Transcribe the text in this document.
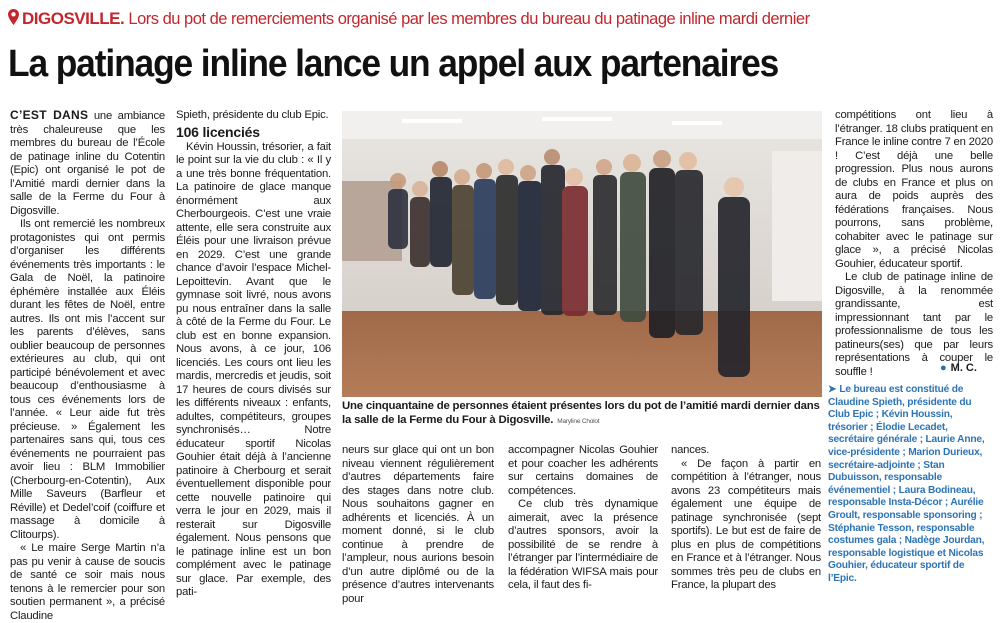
DIGOSVILLE. Lors du pot de remerciements organisé par les membres du bureau du patinage inline mardi dernier
La patinage inline lance un appel aux partenaires

C’EST DANS une ambiance très chaleureuse que les membres du bureau de l’École de patinage inline du Cotentin (Epic) ont organisé le pot de l’Amitié mardi dernier dans la salle de la Ferme du Four à Digosville.

Ils ont remercié les nombreux protagonistes qui ont permis d’organiser les différents événements très importants : le Gala de Noël, la patinoire éphémère installée aux Éléis durant les fêtes de Noël, entre autres. Ils ont mis l’accent sur les parents d’élèves, sans oublier beaucoup de personnes extérieures au club, qui ont participé bénévolement et avec beaucoup d’enthousiasme à tous ces événements lors de l’année. « Leur aide fut très précieuse. » Également les partenaires sans qui, tous ces événements ne pourraient pas avoir lieu : BLM Immobilier (Cherbourg-en-Cotentin), Aux Mille Saveurs (Barfleur et Réville) et Dedel’coif (coiffure et massage à domicile à Clitourps).

« Le maire Serge Martin n’a pas pu venir à cause de soucis de santé ce soir mais nous tenons à le remercier pour son soutien permanent », a précisé Claudine

Spieth, présidente du club Epic.

106 licenciés

Kévin Houssin, trésorier, a fait le point sur la vie du club : « Il y a une très bonne fréquentation. La patinoire de glace manque énormément aux Cherbourgeois. C’est une vraie attente, elle sera construite aux Éléis pour une livraison prévue en 2029. C’est une grande chance d’avoir l’espace Michel-Lepoittevin. Avant que le gymnase soit livré, nous avons pu nous entraîner dans la salle à côté de la Ferme du Four. Le club est en bonne expansion. Nous avons, à ce jour, 106 licenciés. Les cours ont lieu les mardis, mercredis et jeudis, soit 17 heures de cours divisés sur les différents niveaux : enfants, adultes, compétiteurs, groupes synchronisés… Notre éducateur sportif Nicolas Gouhier était déjà à l’ancienne patinoire à Cherbourg et serait éventuellement disponible pour cette nouvelle patinoire qui verra le jour en 2029, mais il resterait sur Digosville également. Nous pensons que le patinage inline est un bon complément avec le patinage sur glace. Par exemple, des pati-

Une cinquantaine de personnes étaient présentes lors du pot de l’amitié mardi dernier dans la salle de la Ferme du Four à Digosville. Maryline Cholot

neurs sur glace qui ont un bon niveau viennent régulièrement d’autres départements faire des stages dans notre club. Nous souhaitons gagner en adhérents et licenciés. À un moment donné, si le club continue à prendre de l’ampleur, nous aurions besoin d’un autre diplômé ou de la présence d’autres intervenants pour

accompagner Nicolas Gouhier et pour coacher les adhérents sur certains domaines de compétences.

Ce club très dynamique aimerait, avec la présence d’autres sponsors, avoir la possibilité de se rendre à l’étranger par l’intermédiaire de la fédération WIFSA mais pour cela, il faut des fi-

nances.

« De façon à partir en compétition à l’étranger, nous avons 23 compétiteurs mais également une équipe de patinage synchronisée (sept sportifs). Le but est de faire de plus en plus de compétitions en France et à l’étranger. Nous sommes très peu de clubs en France, la plupart des

compétitions ont lieu à l’étranger. 18 clubs pratiquent en France le inline contre 7 en 2020 ! C’est déjà une belle progression. Plus nous aurons de clubs en France et plus on aura de poids auprès des fédérations françaises. Nous pourrons, sans problème, cohabiter avec le patinage sur glace », a précisé Nicolas Gouhier, éducateur sportif.

Le club de patinage inline de Digosville, à la renommée grandissante, est impressionnant tant par le professionnalisme de tous les patineurs(ses) que par leurs représentations à couper le souffle !	● M. C.
➤ Le bureau est constitué de Claudine Spieth, présidente du Club Epic ; Kévin Houssin, trésorier ; Élodie Lecadet, secrétaire générale ; Laurie Anne, vice-présidente ; Marion Durieux, secrétaire-adjointe ; Stan Dubuisson, responsable événementiel ; Laura Bodineau, responsable Insta-Décor ; Aurélie Groult, responsable sponsoring ; Stéphanie Tesson, responsable costumes gala ; Nadège Jourdan, responsable logistique et Nicolas Gouhier, éducateur sportif de l’Epic.
